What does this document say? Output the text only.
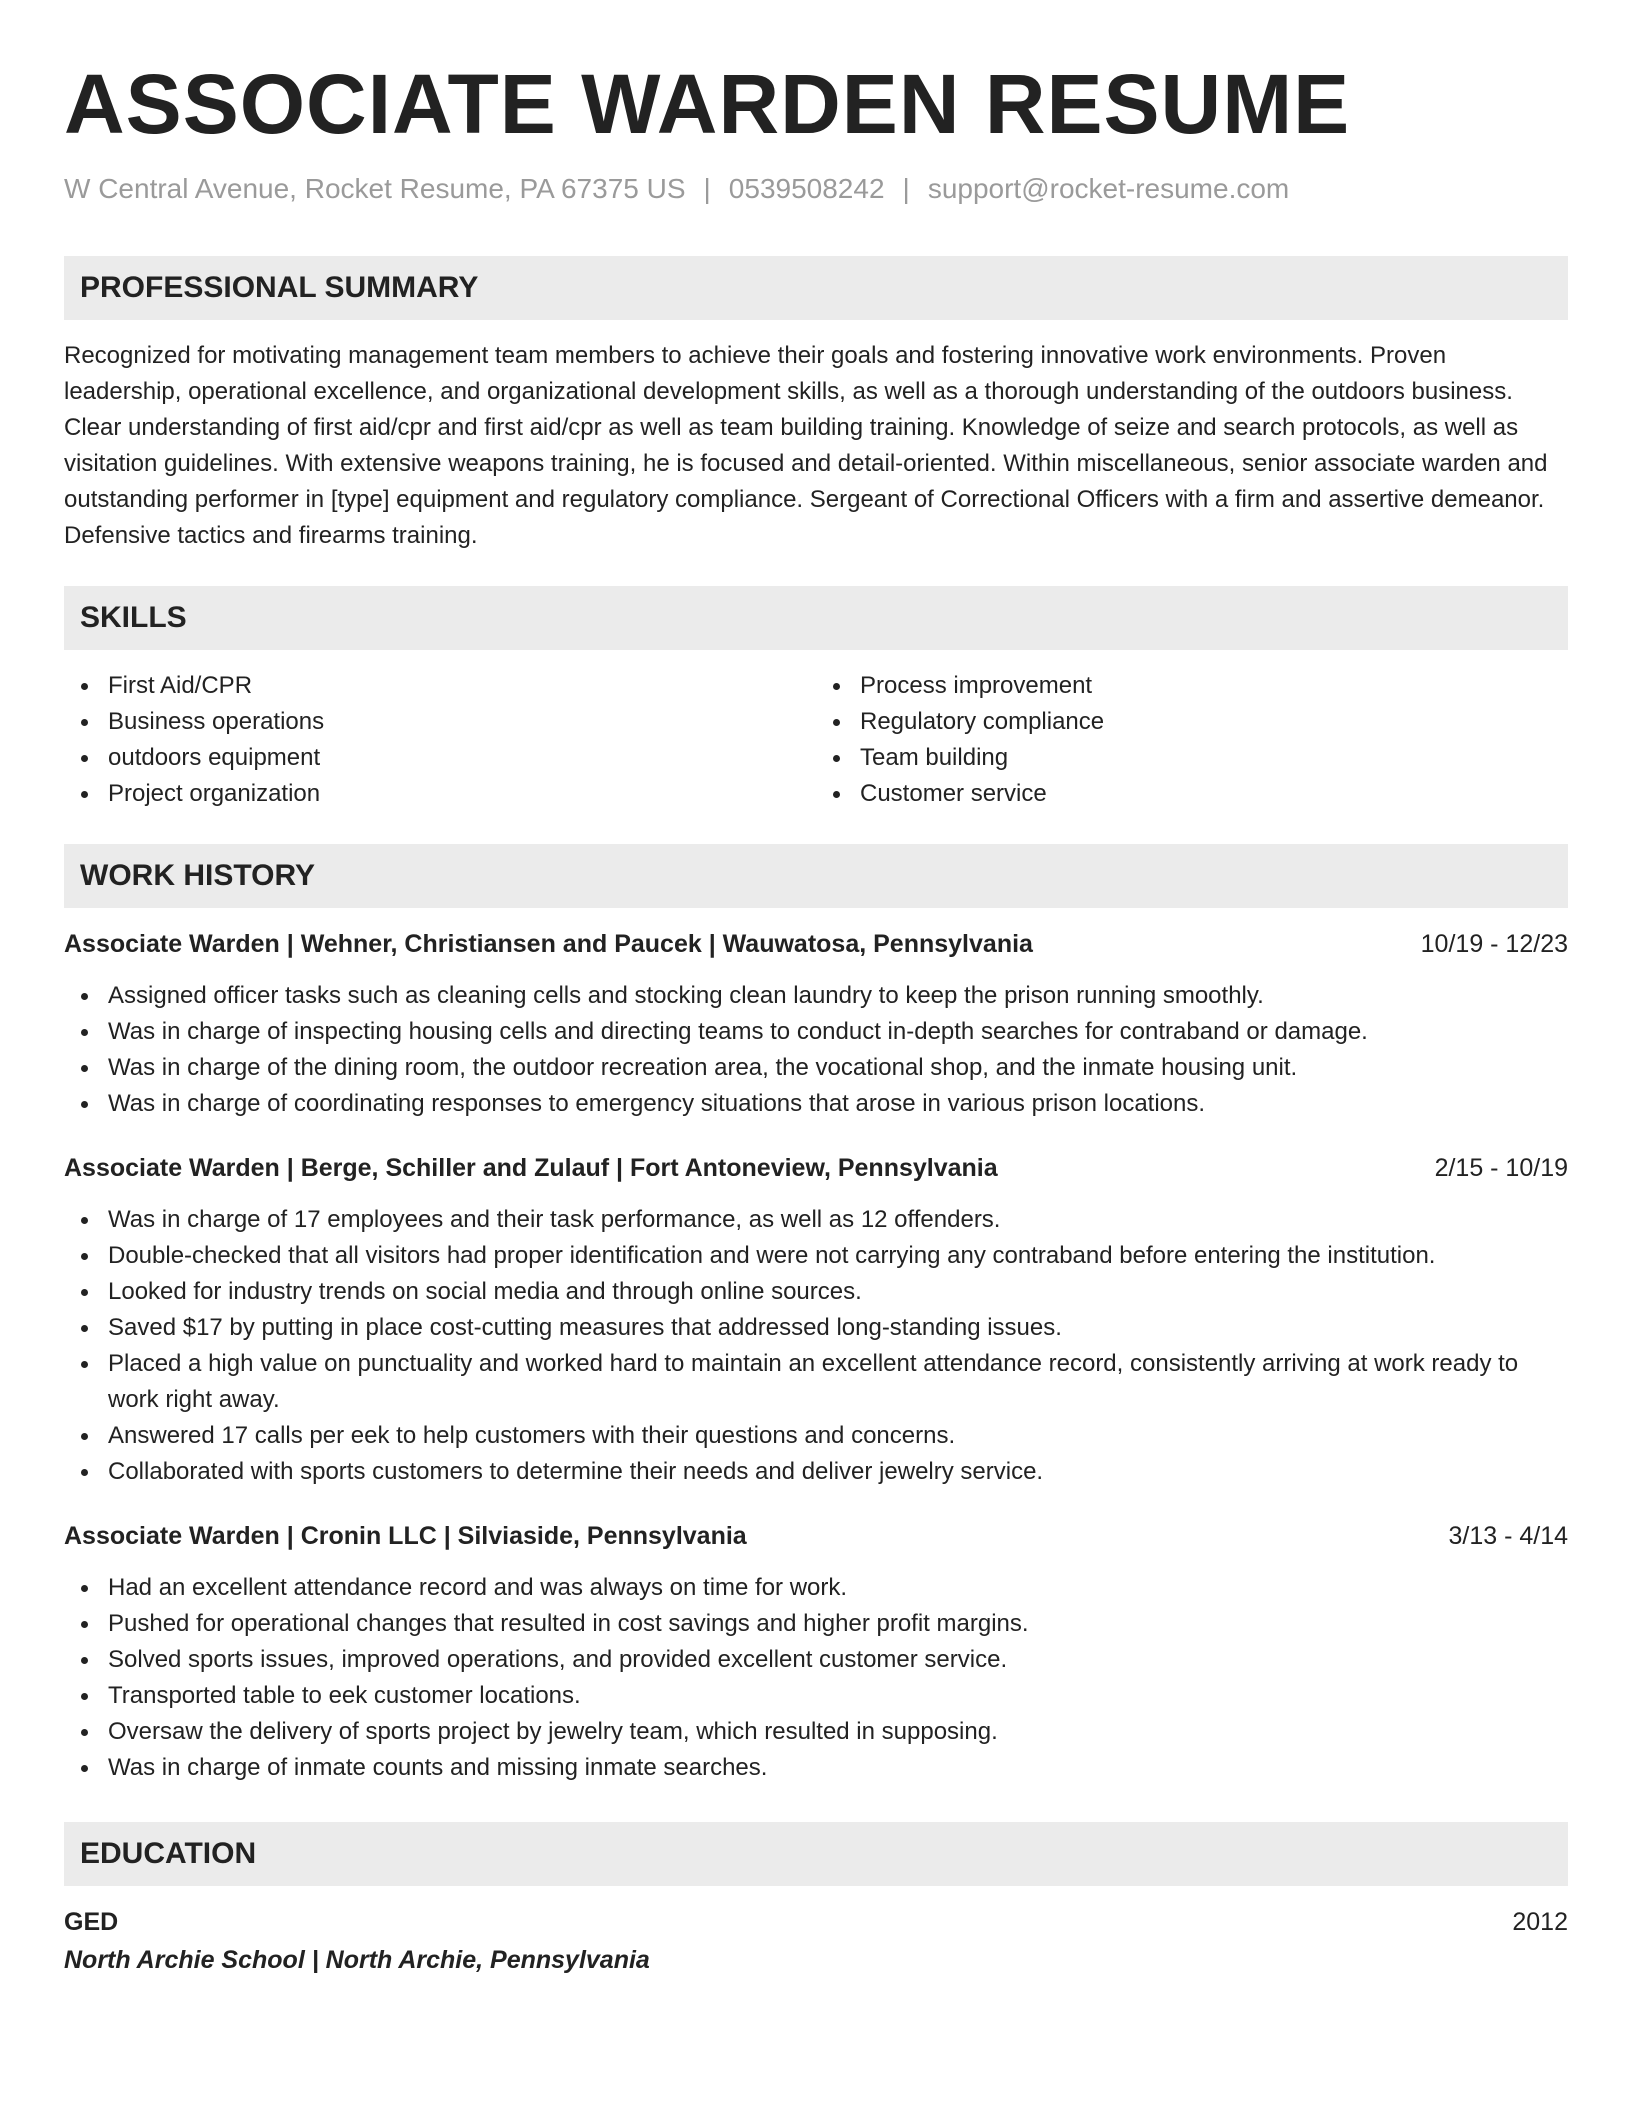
ASSOCIATE WARDEN RESUME
W Central Avenue, Rocket Resume, PA 67375 US | 0539508242 | support@rocket-resume.com
PROFESSIONAL SUMMARY

Recognized for motivating management team members to achieve their goals and fostering innovative work environments. Proven leadership, operational excellence, and organizational development skills, as well as a thorough understanding of the outdoors business. Clear understanding of first aid/cpr and first aid/cpr as well as team building training. Knowledge of seize and search protocols, as well as visitation guidelines. With extensive weapons training, he is focused and detail-oriented. Within miscellaneous, senior associate warden and outstanding performer in [type] equipment and regulatory compliance. Sergeant of Correctional Officers with a firm and assertive demeanor. Defensive tactics and firearms training.

SKILLS
First Aid/CPR
Business operations
outdoors equipment
Project organization
Process improvement
Regulatory compliance
Team building
Customer service
WORK HISTORY
Associate Warden | Wehner, Christiansen and Paucek | Wauwatosa, Pennsylvania	10/19 - 12/23
Assigned officer tasks such as cleaning cells and stocking clean laundry to keep the prison running smoothly.
Was in charge of inspecting housing cells and directing teams to conduct in-depth searches for contraband or damage.
Was in charge of the dining room, the outdoor recreation area, the vocational shop, and the inmate housing unit.
Was in charge of coordinating responses to emergency situations that arose in various prison locations.
Associate Warden | Berge, Schiller and Zulauf | Fort Antoneview, Pennsylvania	2/15 - 10/19
Was in charge of 17 employees and their task performance, as well as 12 offenders.
Double-checked that all visitors had proper identification and were not carrying any contraband before entering the institution.
Looked for industry trends on social media and through online sources.
Saved $17 by putting in place cost-cutting measures that addressed long-standing issues.
Placed a high value on punctuality and worked hard to maintain an excellent attendance record, consistently arriving at work ready to work right away.
Answered 17 calls per eek to help customers with their questions and concerns.
Collaborated with sports customers to determine their needs and deliver jewelry service.
Associate Warden | Cronin LLC | Silviaside, Pennsylvania	3/13 - 4/14
Had an excellent attendance record and was always on time for work.
Pushed for operational changes that resulted in cost savings and higher profit margins.
Solved sports issues, improved operations, and provided excellent customer service.
Transported table to eek customer locations.
Oversaw the delivery of sports project by jewelry team, which resulted in supposing.
Was in charge of inmate counts and missing inmate searches.
EDUCATION
GED	2012
North Archie School | North Archie, Pennsylvania
